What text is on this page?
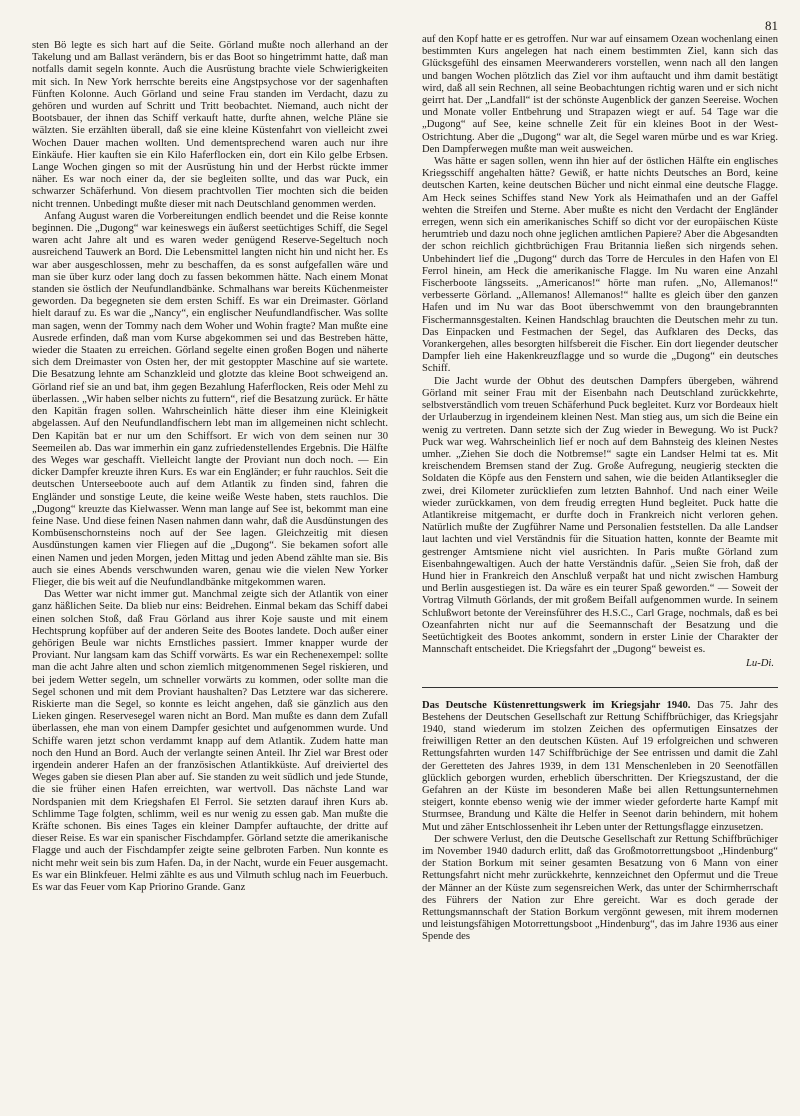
81

sten Bö legte es sich hart auf die Seite. Görland mußte noch allerhand an der Takelung und am Ballast verändern, bis er das Boot so hingetrimmt hatte, daß man notfalls damit segeln konnte. Auch die Ausrüstung brachte viele Schwierigkeiten mit sich. In New York herrschte bereits eine Angstpsychose vor der sagenhaften Fünften Kolonne. Auch Görland und seine Frau standen im Verdacht, dazu zu gehören und wurden auf Schritt und Tritt beobachtet. Niemand, auch nicht der Bootsbauer, der ihnen das Schiff verkauft hatte, durfte ahnen, welche Pläne sie wälzten. Sie erzählten überall, daß sie eine kleine Küstenfahrt von vielleicht zwei Wochen Dauer machen wollten. Und dementsprechend waren auch nur ihre Einkäufe. Hier kauften sie ein Kilo Haferflocken ein, dort ein Kilo gelbe Erbsen. Lange Wochen gingen so mit der Ausrüstung hin und der Herbst rückte immer näher. Es war noch einer da, der sie begleiten sollte, und das war Puck, ein schwarzer Schäferhund. Von diesem prachtvollen Tier mochten sich die beiden nicht trennen. Unbedingt mußte dieser mit nach Deutschland genommen werden.

Anfang August waren die Vorbereitungen endlich beendet und die Reise konnte beginnen. Die „Dugong“ war keineswegs ein äußerst seetüchtiges Schiff, die Segel waren acht Jahre alt und es waren weder genügend Reserve-Segeltuch noch ausreichend Tauwerk an Bord. Die Lebensmittel langten nicht hin und nicht her. Es war aber ausgeschlossen, mehr zu beschaffen, da es sonst aufgefallen wäre und man sie über kurz oder lang doch zu fassen bekommen hätte. Nach einem Monat standen sie östlich der Neufundlandbänke. Schmalhans war bereits Küchenmeister geworden. Da begegneten sie dem ersten Schiff. Es war ein Dreimaster. Görland hielt darauf zu. Es war die „Nancy“, ein englischer Neufundlandfischer. Was sollte man sagen, wenn der Tommy nach dem Woher und Wohin fragte? Man mußte eine Ausrede erfinden, daß man vom Kurse abgekommen sei und das Bestreben hätte, wieder die Staaten zu erreichen. Görland segelte einen großen Bogen und näherte sich dem Dreimaster von Osten her, der mit gestoppter Maschine auf sie wartete. Die Besatzung lehnte am Schanzkleid und glotzte das kleine Boot schweigend an. Görland rief sie an und bat, ihm gegen Bezahlung Haferflocken, Reis oder Mehl zu überlassen. „Wir haben selber nichts zu futtern“, rief die Besatzung zurück. Er hätte den Kapitän fragen sollen. Wahrscheinlich hätte dieser ihm eine Kleinigkeit abgelassen. Auf den Neufundlandfischern lebt man im allgemeinen nicht schlecht. Den Kapitän bat er nur um den Schiffsort. Er wich von dem seinen nur 30 Seemeilen ab. Das war immerhin ein ganz zufriedenstellendes Ergebnis. Die Hälfte des Weges war geschafft. Vielleicht langte der Proviant nun doch noch. — Ein dicker Dampfer kreuzte ihren Kurs. Es war ein Engländer; er fuhr rauchlos. Seit die deutschen Unterseeboote auch auf dem Atlantik zu finden sind, fahren die Engländer und sonstige Leute, die keine weiße Weste haben, stets rauchlos. Die „Dugong“ kreuzte das Kielwasser. Wenn man lange auf See ist, bekommt man eine feine Nase. Und diese feinen Nasen nahmen dann wahr, daß die Ausdünstungen des Kombüsenschornsteins noch auf der See lagen. Gleichzeitig mit diesen Ausdünstungen kamen vier Fliegen auf die „Dugong“. Sie bekamen sofort alle einen Namen und jeden Morgen, jeden Mittag und jeden Abend zählte man sie. Bis auch sie eines Abends verschwunden waren, genau wie die vielen New Yorker Flieger, die bis weit auf die Neufundlandbänke mitgekommen waren.

Das Wetter war nicht immer gut. Manchmal zeigte sich der Atlantik von einer ganz häßlichen Seite. Da blieb nur eins: Beidrehen. Einmal bekam das Schiff dabei einen solchen Stoß, daß Frau Görland aus ihrer Koje sauste und mit einem Hechtsprung kopfüber auf der anderen Seite des Bootes landete. Doch außer einer gehörigen Beule war nichts Ernstliches passiert. Immer knapper wurde der Proviant. Nur langsam kam das Schiff vorwärts. Es war ein Rechenexempel: sollte man die acht Jahre alten und schon ziemlich mitgenommenen Segel riskieren, und bei jedem Wetter segeln, um schneller vorwärts zu kommen, oder sollte man die Segel schonen und mit dem Proviant haushalten? Das Letztere war das sicherere. Riskierte man die Segel, so konnte es leicht angehen, daß sie gänzlich aus den Lieken gingen. Reservesegel waren nicht an Bord. Man mußte es dann dem Zufall überlassen, ehe man von einem Dampfer gesichtet und aufgenommen wurde. Und Schiffe waren jetzt schon verdammt knapp auf dem Atlantik. Zudem hatte man noch den Hund an Bord. Auch der verlangte seinen Anteil. Ihr Ziel war Brest oder irgendein anderer Hafen an der französischen Atlantikküste. Auf dreiviertel des Weges gaben sie diesen Plan aber auf. Sie standen zu weit südlich und jede Stunde, die sie früher einen Hafen erreichten, war wertvoll. Das nächste Land war Nordspanien mit dem Kriegshafen El Ferrol. Sie setzten darauf ihren Kurs ab. Schlimme Tage folgten, schlimm, weil es nur wenig zu essen gab. Man mußte die Kräfte schonen. Bis eines Tages ein kleiner Dampfer auftauchte, der dritte auf dieser Reise. Es war ein spanischer Fischdampfer. Görland setzte die amerikanische Flagge und auch der Fischdampfer zeigte seine gelbroten Farben. Nun konnte es nicht mehr weit sein bis zum Hafen. Da, in der Nacht, wurde ein Feuer ausgemacht. Es war ein Blinkfeuer. Helmi zählte es aus und Vilmuth schlug nach im Feuerbuch. Es war das Feuer vom Kap Priorino Grande. Ganz

auf den Kopf hatte er es getroffen. Nur war auf einsamem Ozean wochenlang einen bestimmten Kurs angelegen hat nach einem bestimmten Ziel, kann sich das Glücksgefühl des einsamen Meerwanderers vorstellen, wenn nach all den langen und bangen Wochen plötzlich das Ziel vor ihm auftaucht und ihm damit bestätigt wird, daß all sein Rechnen, all seine Beobachtungen richtig waren und er sich nicht geirrt hat. Der „Landfall“ ist der schönste Augenblick der ganzen Seereise. Wochen und Monate voller Entbehrung und Strapazen wiegt er auf. 54 Tage war die „Dugong“ auf See, keine schnelle Zeit für ein kleines Boot in der West-Ostrichtung. Aber die „Dugong“ war alt, die Segel waren mürbe und es war Krieg. Den Dampferwegen mußte man weit ausweichen.

Was hätte er sagen sollen, wenn ihn hier auf der östlichen Hälfte ein englisches Kriegsschiff angehalten hätte? Gewiß, er hatte nichts Deutsches an Bord, keine deutschen Karten, keine deutschen Bücher und nicht einmal eine deutsche Flagge. Am Heck seines Schiffes stand New York als Heimathafen und an der Gaffel wehten die Streifen und Sterne. Aber mußte es nicht den Verdacht der Engländer erregen, wenn sich ein amerikanisches Schiff so dicht vor der europäischen Küste herumtrieb und dazu noch ohne jeglichen amtlichen Papiere? Aber die Abgesandten der schon reichlich gichtbrüchigen Frau Britannia ließen sich nirgends sehen. Unbehindert lief die „Dugong“ durch das Torre de Hercules in den Hafen von El Ferrol hinein, am Heck die amerikanische Flagge. Im Nu waren eine Anzahl Fischerboote längsseits. „Americanos!“ hörte man rufen. „No, Allemanos!“ verbesserte Görland. „Allemanos! Allemanos!“ hallte es gleich über den ganzen Hafen und im Nu war das Boot überschwemmt von den braungebrannten Fischermannsgestalten. Keinen Handschlag brauchten die Deutschen mehr zu tun. Das Einpacken und Festmachen der Segel, das Aufklaren des Decks, das Vorankergehen, alles besorgten hilfsbereit die Fischer. Ein dort liegender deutscher Dampfer lieh eine Hakenkreuzflagge und so wurde die „Dugong“ ein deutsches Schiff.

Die Jacht wurde der Obhut des deutschen Dampfers übergeben, während Görland mit seiner Frau mit der Eisenbahn nach Deutschland zurückkehrte, selbstverständlich vom treuen Schäferhund Puck begleitet. Kurz vor Bordeaux hielt der Urlauberzug in irgendeinem kleinen Nest. Man stieg aus, um sich die Beine ein wenig zu vertreten. Dann setzte sich der Zug wieder in Bewegung. Wo ist Puck? Puck war weg. Wahrscheinlich lief er noch auf dem Bahnsteig des kleinen Nestes umher. „Ziehen Sie doch die Notbremse!“ sagte ein Landser Helmi tat es. Mit kreischendem Bremsen stand der Zug. Große Aufregung, neugierig steckten die Soldaten die Köpfe aus den Fenstern und sahen, wie die beiden Atlantiksegler die zwei, drei Kilometer zurückliefen zum letzten Bahnhof. Und nach einer Weile wieder zurückkamen, von dem freudig erregten Hund begleitet. Puck hatte die Atlantikreise mitgemacht, er durfte doch in Frankreich nicht verloren gehen. Natürlich mußte der Zugführer Name und Personalien feststellen. Da alle Landser laut lachten und viel Verständnis für die Situation hatten, konnte der Beamte mit gestrenger Amtsmiene nicht viel ausrichten. In Paris mußte Görland zum Eisenbahngewaltigen. Auch der hatte Verständnis dafür. „Seien Sie froh, daß der Hund hier in Frankreich den Anschluß verpaßt hat und nicht zwischen Hamburg und Berlin ausgestiegen ist. Da wäre es ein teurer Spaß geworden.“ — Soweit der Vortrag Vilmuth Görlands, der mit großem Beifall aufgenommen wurde. In seinem Schlußwort betonte der Vereinsführer des H.S.C., Carl Grage, nochmals, daß es bei Ozeanfahrten nicht nur auf die Seemannschaft der Besatzung und die Seetüchtigkeit des Bootes ankommt, sondern in erster Linie der Charakter der Mannschaft entscheidet. Die Kriegsfahrt der „Dugong“ beweist es.

Lu-Di.

Das Deutsche Küstenrettungswerk im Kriegsjahr 1940. Das 75. Jahr des Bestehens der Deutschen Gesellschaft zur Rettung Schiffbrüchiger, das Kriegsjahr 1940, stand wiederum im stolzen Zeichen des opfermutigen Einsatzes der freiwilligen Retter an den deutschen Küsten. Auf 19 erfolgreichen und schweren Rettungsfahrten wurden 147 Schiffbrüchige der See entrissen und damit die Zahl der Geretteten des Jahres 1939, in dem 131 Menschenleben in 20 Seenotfällen glücklich geborgen wurden, erheblich überschritten. Der Kriegszustand, der die Gefahren an der Küste im besonderen Maße bei allen Rettungsunternehmen steigert, konnte ebenso wenig wie der immer wieder geforderte harte Kampf mit Sturmsee, Brandung und Kälte die Helfer in Seenot darin behindern, mit hohem Mut und zäher Entschlossenheit ihr Leben unter der Rettungsflagge einzusetzen.

Der schwere Verlust, den die Deutsche Gesellschaft zur Rettung Schiffbrüchiger im November 1940 dadurch erlitt, daß das Großmotorrettungsboot „Hindenburg“ der Station Borkum mit seiner gesamten Besatzung von 6 Mann von einer Rettungsfahrt nicht mehr zurückkehrte, kennzeichnet den Opfermut und die Treue der Männer an der Küste zum segensreichen Werk, das unter der Schirmherrschaft des Führers der Nation zur Ehre gereicht. War es doch gerade der Rettungsmannschaft der Station Borkum vergönnt gewesen, mit ihrem modernen und leistungsfähigen Motorrettungsboot „Hindenburg“, das im Jahre 1936 aus einer Spende des
